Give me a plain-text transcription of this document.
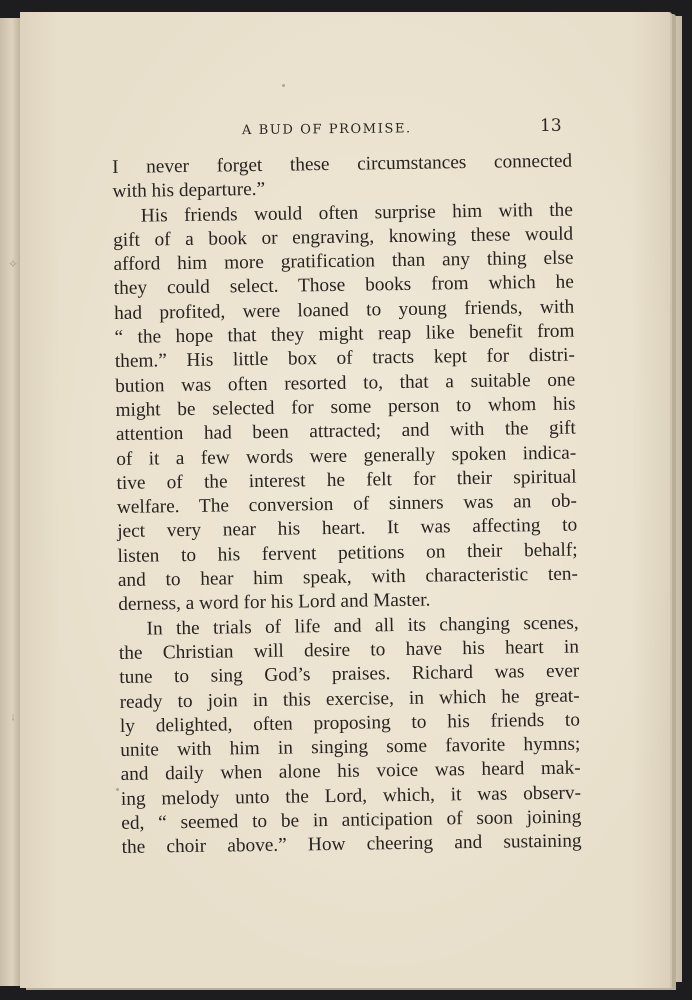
⟡
ᛍ
A BUD OF PROMISE.	13
I never forget these circumstances connected
with his departure.”
His friends would often surprise him with the
gift of a book or engraving, knowing these would
afford him more gratification than any thing else
they could select. Those books from which he
had profited, were loaned to young friends, with
“ the hope that they might reap like benefit from
them.” His little box of tracts kept for distri-
bution was often resorted to, that a suitable one
might be selected for some person to whom his
attention had been attracted; and with the gift
of it a few words were generally spoken indica-
tive of the interest he felt for their spiritual
welfare. The conversion of sinners was an ob-
ject very near his heart. It was affecting to
listen to his fervent petitions on their behalf;
and to hear him speak, with characteristic ten-
derness, a word for his Lord and Master.
In the trials of life and all its changing scenes,
the Christian will desire to have his heart in
tune to sing God’s praises. Richard was ever
ready to join in this exercise, in which he great-
ly delighted, often proposing to his friends to
unite with him in singing some favorite hymns;
and daily when alone his voice was heard mak-
ing melody unto the Lord, which, it was observ-
ed, “ seemed to be in anticipation of soon joining
the choir above.” How cheering and sustaining
